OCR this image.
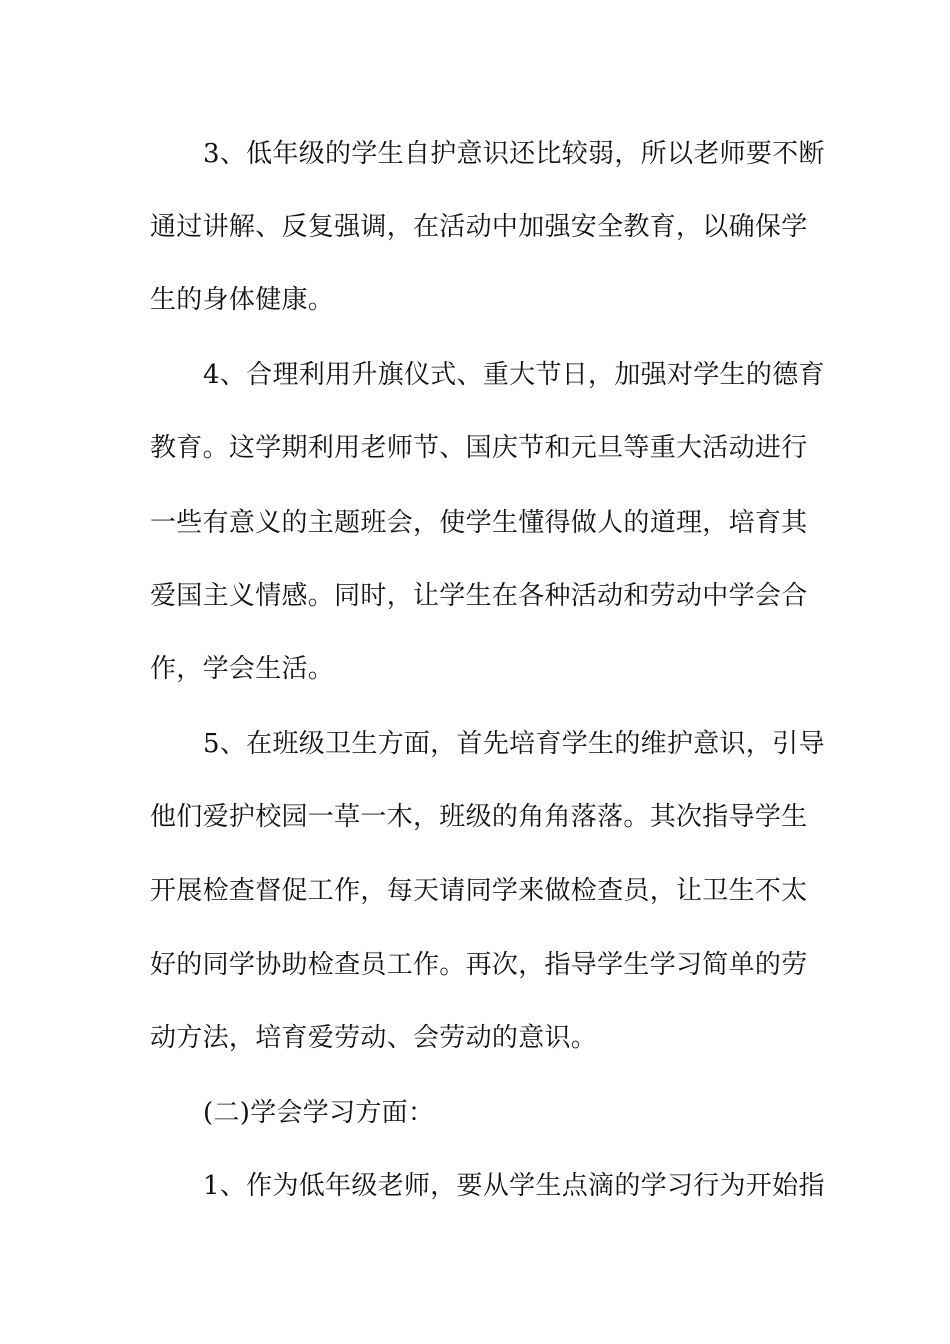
3、低年级的学生自护意识还比较弱，所以老师要不断
通过讲解、反复强调，在活动中加强安全教育，以确保学
生的身体健康。
4、合理利用升旗仪式、重大节日，加强对学生的德育
教育。这学期利用老师节、国庆节和元旦等重大活动进行
一些有意义的主题班会，使学生懂得做人的道理，培育其
爱国主义情感。同时，让学生在各种活动和劳动中学会合
作，学会生活。
5、在班级卫生方面，首先培育学生的维护意识，引导
他们爱护校园一草一木，班级的角角落落。其次指导学生
开展检查督促工作，每天请同学来做检查员，让卫生不太
好的同学协助检查员工作。再次，指导学生学习简单的劳
动方法，培育爱劳动、会劳动的意识。
(二)学会学习方面：
1、作为低年级老师，要从学生点滴的学习行为开始指
